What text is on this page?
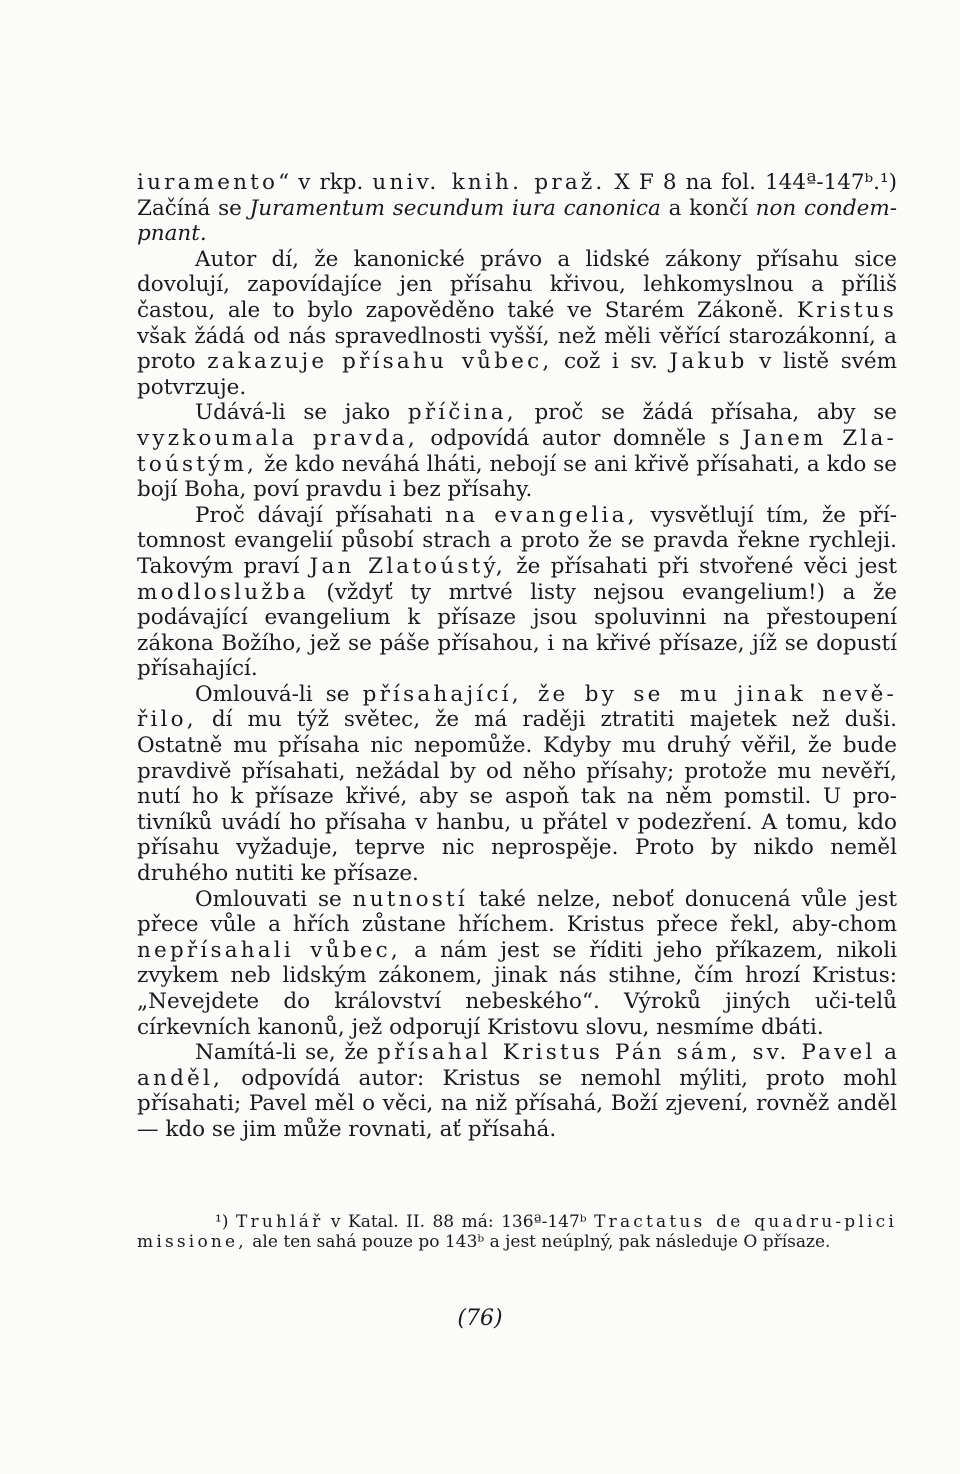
iuramento“ v rkp. univ. knih. prаž. X F 8 na fol. 144ª-147ᵇ.¹) Začíná se Juramentum secundum iura canonica a končí non condem-pnant.

Autor dí, že kanonické právo a lidské zákony přísahu sice dovolují, zapovídajíce jen přísahu křivou, lehkomyslnou a příliš častou, ale to bylo zapověděno také ve Starém Zákoně. Kristus však žádá od nás spravedlnosti vyšší, než měli věřící starozákonní, a proto zakazuje přísahu vůbec, což i sv. Jakub v listě svém potvrzuje.

Udává-li se jako příčina, proč se žádá přísaha, aby se vyzkoumala pravda, odpovídá autor domněle s Janem Zla-toústým, že kdo neváhá lháti, nebojí se ani křivě přísahati, a kdo se bojí Boha, poví pravdu i bez přísahy.

Proč dávají přísahati na evangelia, vysvětlují tím, že pří-tomnost evangelií působí strach a proto že se pravda řekne rychleji. Takovým praví Jan Zlatoústý, že přísahati při stvořené věci jest modloslužba (vždyť ty mrtvé listy nejsou evangelium!) a že podávající evangelium k přísaze jsou spoluvinni na přestoupení zákona Božího, jež se páše přísahou, i na křivé přísaze, jíž se dopustí přísahající.

Omlouvá-li se přísahající, že by se mu jinak nevě-řilo, dí mu týž světec, že má raději ztratiti majetek než duši. Ostatně mu přísaha nic nepomůže. Kdyby mu druhý věřil, že bude pravdivě přísahati, nežádal by od něho přísahy; protože mu nevěří, nutí ho k přísaze křivé, aby se aspoň tak na něm pomstil. U pro-tivníků uvádí ho přísaha v hanbu, u přátel v podezření. A tomu, kdo přísahu vyžaduje, teprve nic neprospěje. Proto by nikdo neměl druhého nutiti ke přísaze.

Omlouvati se nutností také nelze, neboť donucená vůle jest přece vůle a hřích zůstane hříchem. Kristus přece řekl, aby-chom nepřísahali vůbec, a nám jest se říditi jeho příkazem, nikoli zvykem neb lidským zákonem, jinak nás stihne, čím hrozí Kristus: „Nevejdete do království nebeského“. Výroků jiných uči-telů církevních kanonů, jež odporují Kristovu slovu, nesmíme dbáti.

Namítá-li se, že přísahal Kristus Pán sám, sv. Pavel a anděl, odpovídá autor: Kristus se nemohl mýliti, proto mohl přísahati; Pavel měl o věci, na niž přísahá, Boží zjevení, rovněž anděl — kdo se jim může rovnati, ať přísahá.

¹) Truhlář v Katal. II. 88 má: 136ª-147ᵇ Tractatus de quadru-plici missione, ale ten sahá pouze po 143ᵇ a jest neúplný, pak následuje O přísaze.

(76)
